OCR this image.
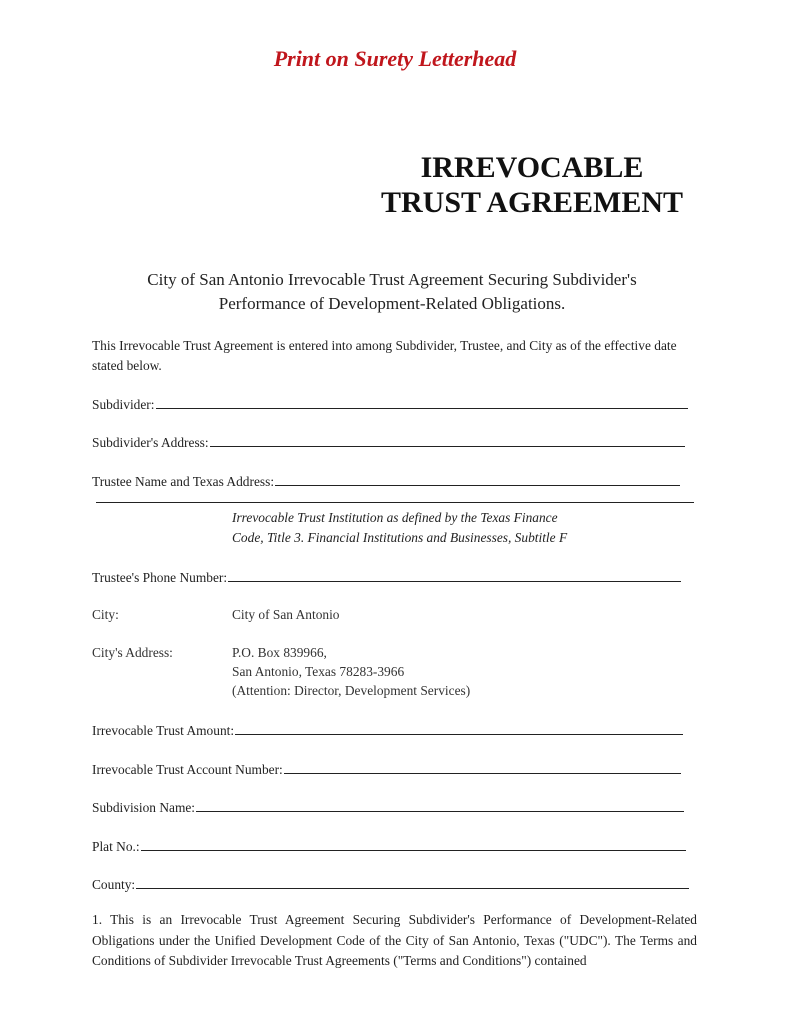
Print on Surety Letterhead
IRREVOCABLE
TRUST AGREEMENT
City of San Antonio Irrevocable Trust Agreement Securing Subdivider's
Performance of Development-Related Obligations.
This Irrevocable Trust Agreement is entered into among Subdivider, Trustee, and City as of the effective date stated below.
Subdivider:
Subdivider's Address:
Trustee Name and Texas Address:
Irrevocable Trust Institution as defined by the Texas Finance
Code, Title 3. Financial Institutions and Businesses, Subtitle F
Trustee's Phone Number:
City:	City of San Antonio
City's Address:	P.O. Box 839966,
San Antonio, Texas 78283-3966
(Attention: Director, Development Services)
Irrevocable Trust Amount:
Irrevocable Trust Account Number:
Subdivision Name:
Plat No.:
County:
1. This is an Irrevocable Trust Agreement Securing Subdivider's Performance of Development-Related Obligations under the Unified Development Code of the City of San Antonio, Texas ("UDC"). The Terms and Conditions of Subdivider Irrevocable Trust Agreements ("Terms and Conditions") contained
